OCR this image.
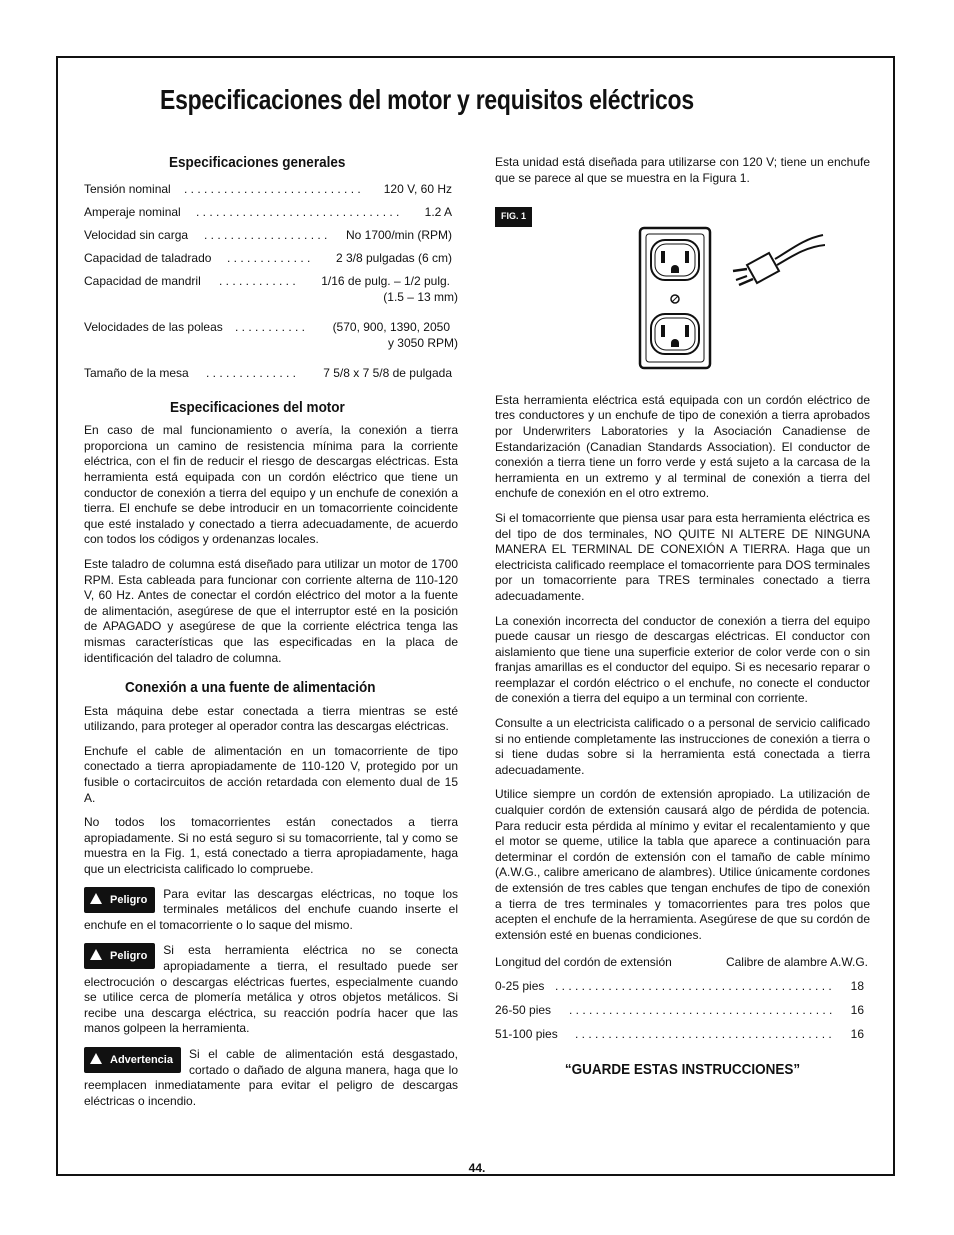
Especificaciones del motor y requisitos eléctricos
Especificaciones generales
Tensión nominal . . . . . . . . . . . . . . . . . . . . . . . . . . . 120 V, 60 Hz
Amperaje nominal . . . . . . . . . . . . . . . . . . . . . . . . . . . . . . . 1.2 A
Velocidad sin carga . . . . . . . . . . . . . . . . . . . No 1700/min (RPM)
Capacidad de taladrado . . . . . . . . . . . . . 2 3/8 pulgadas (6 cm)
Capacidad de mandril . . . . . . . . . . . . 1/16 de pulg. – 1/2 pulg.
(1.5 – 13 mm)
Velocidades de las poleas . . . . . . . . . . . (570, 900, 1390, 2050
y 3050 RPM)
Tamaño de la mesa . . . . . . . . . . . . . . 7 5/8 x 7 5/8 de pulgada
Especificaciones del motor

En caso de mal funcionamiento o avería, la conexión a tierra proporciona un camino de resistencia mínima para la corriente eléctrica, con el fin de reducir el riesgo de descargas eléctricas. Esta herramienta está equipada con un cordón eléctrico que tiene un conductor de conexión a tierra del equipo y un enchufe de conexión a tierra. El enchufe se debe introducir en un tomacorriente coincidente que esté instalado y conectado a tierra adecuadamente, de acuerdo con todos los códigos y ordenanzas locales.

Este taladro de columna está diseñado para utilizar un motor de 1700 RPM. Esta cableada para funcionar con corriente alterna de 110-120 V, 60 Hz. Antes de conectar el cordón eléctrico del motor a la fuente de alimentación, asegúrese de que el interruptor esté en la posición de APAGADO y asegúrese de que la corriente eléctrica tenga las mismas características que las especificadas en la placa de identificación del taladro de columna.

Conexión a una fuente de alimentación

Esta máquina debe estar conectada a tierra mientras se esté utilizando, para proteger al operador contra las descargas eléctricas.

Enchufe el cable de alimentación en un tomacorriente de tipo conectado a tierra apropiadamente de 110-120 V, protegido por un fusible o cortacircuitos de acción retardada con elemento dual de 15 A.

No todos los tomacorrientes están conectados a tierra apropiadamente. Si no está seguro si su tomacorriente, tal y como se muestra en la Fig. 1, está conectado a tierra apropiadamente, haga que un electricista calificado lo compruebe.

Peligro	Para evitar las descargas eléctricas, no toque los terminales metálicos del enchufe cuando inserte el enchufe en el tomacorriente o lo saque del mismo.
Peligro	Si esta herramienta eléctrica no se conecta apropiadamente a tierra, el resultado puede ser electrocución o descargas eléctricas fuertes, especialmente cuando se utilice cerca de plomería metálica y otros objetos metálicos. Si recibe una descarga eléctrica, su reacción podría hacer que las manos golpeen la herramienta.
Advertencia	Si el cable de alimentación está desgastado, cortado o dañado de alguna manera, haga que lo reemplacen inmediatamente para evitar el peligro de descargas eléctricas o incendio.

Esta unidad está diseñada para utilizarse con 120 V; tiene un enchufe que se parece al que se muestra en la Figura 1.

FIG. 1

Esta herramienta eléctrica está equipada con un cordón eléctrico de tres conductores y un enchufe de tipo de conexión a tierra aprobados por Underwriters Laboratories y la Asociación Canadiense de Estandarización (Canadian Standards Association). El conductor de conexión a tierra tiene un forro verde y está sujeto a la carcasa de la herramienta en un extremo y al terminal de conexión a tierra del enchufe de conexión en el otro extremo.

Si el tomacorriente que piensa usar para esta herramienta eléctrica es del tipo de dos terminales, NO QUITE NI ALTERE DE NINGUNA MANERA EL TERMINAL DE CONEXIÓN A TIERRA. Haga que un electricista calificado reemplace el tomacorriente para DOS terminales por un tomacorriente para TRES terminales conectado a tierra adecuadamente.

La conexión incorrecta del conductor de conexión a tierra del equipo puede causar un riesgo de descargas eléctricas. El conductor con aislamiento que tiene una superficie exterior de color verde con o sin franjas amarillas es el conductor del equipo. Si es necesario reparar o reemplazar el cordón eléctrico o el enchufe, no conecte el conductor de conexión a tierra del equipo a un terminal con corriente.

Consulte a un electricista calificado o a personal de servicio calificado si no entiende completamente las instrucciones de conexión a tierra o si tiene dudas sobre si la herramienta está conectada a tierra adecuadamente.

Utilice siempre un cordón de extensión apropiado. La utilización de cualquier cordón de extensión causará algo de pérdida de potencia. Para reducir esta pérdida al mínimo y evitar el recalentamiento y que el motor se queme, utilice la tabla que aparece a continuación para determinar el cordón de extensión con el tamaño de cable mínimo (A.W.G., calibre americano de alambres). Utilice únicamente cordones de extensión de tres cables que tengan enchufes de tipo de conexión a tierra de tres terminales y tomacorrientes para tres polos que acepten el enchufe de la herramienta. Asegúrese de que su cordón de extensión esté en buenas condiciones.

Longitud del cordón de extensión	Calibre de alambre A.W.G.
0-25 pies . . . . . . . . . . . . . . . . . . . . . . . . . . . . . . . . . . . . . . . . . . 18
26-50 pies . . . . . . . . . . . . . . . . . . . . . . . . . . . . . . . . . . . . . . . . 16
51-100 pies . . . . . . . . . . . . . . . . . . . . . . . . . . . . . . . . . . . . . . . 16
“GUARDE ESTAS INSTRUCCIONES”
44.
